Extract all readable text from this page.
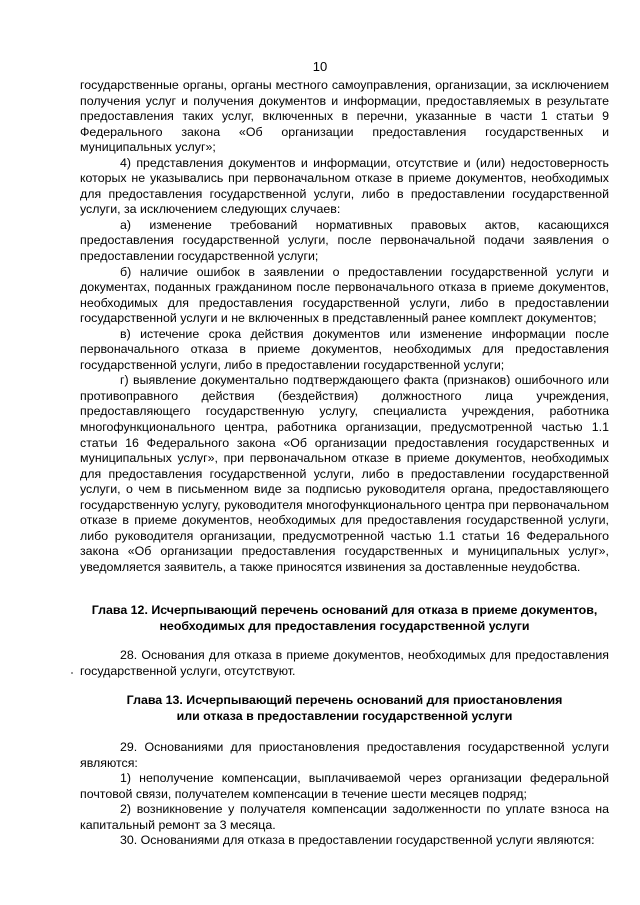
10

государственные органы, органы местного самоуправления, организации, за исключением получения услуг и получения документов и информации, предоставляемых в результате предоставления таких услуг, включенных в перечни, указанные в части 1 статьи 9 Федерального закона «Об организации предоставления государственных и муниципальных услуг»;

4) представления документов и информации, отсутствие и (или) недостоверность которых не указывались при первоначальном отказе в приеме документов, необходимых для предоставления государственной услуги, либо в предоставлении государственной услуги, за исключением следующих случаев:

а) изменение требований нормативных правовых актов, касающихся предоставления государственной услуги, после первоначальной подачи заявления о предоставлении государственной услуги;

б) наличие ошибок в заявлении о предоставлении государственной услуги и документах, поданных гражданином после первоначального отказа в приеме документов, необходимых для предоставления государственной услуги, либо в предоставлении государственной услуги и не включенных в представленный ранее комплект документов;

в) истечение срока действия документов или изменение информации после первоначального отказа в приеме документов, необходимых для предоставления государственной услуги, либо в предоставлении государственной услуги;

г) выявление документально подтверждающего факта (признаков) ошибочного или противоправного действия (бездействия) должностного лица учреждения, предоставляющего государственную услугу, специалиста учреждения, работника многофункционального центра, работника организации, предусмотренной частью 1.1 статьи 16 Федерального закона «Об организации предоставления государственных и муниципальных услуг», при первоначальном отказе в приеме документов, необходимых для предоставления государственной услуги, либо в предоставлении государственной услуги, о чем в письменном виде за подписью руководителя органа, предоставляющего государственную услугу, руководителя многофункционального центра при первоначальном отказе в приеме документов, необходимых для предоставления государственной услуги, либо руководителя организации, предусмотренной частью 1.1 статьи 16 Федерального закона «Об организации предоставления государственных и муниципальных услуг», уведомляется заявитель, а также приносятся извинения за доставленные неудобства.

Глава 12. Исчерпывающий перечень оснований для отказа в приеме документов,
необходимых для предоставления государственной услуги

28. Основания для отказа в приеме документов, необходимых для предоставления государственной услуги, отсутствуют.

Глава 13. Исчерпывающий перечень оснований для приостановления
или отказа в предоставлении государственной услуги

29. Основаниями для приостановления предоставления государственной услуги являются:

1) неполучение компенсации, выплачиваемой через организации федеральной почтовой связи, получателем компенсации в течение шести месяцев подряд;

2) возникновение у получателя компенсации задолженности по уплате взноса на капитальный ремонт за 3 месяца.

30. Основаниями для отказа в предоставлении государственной услуги являются:
